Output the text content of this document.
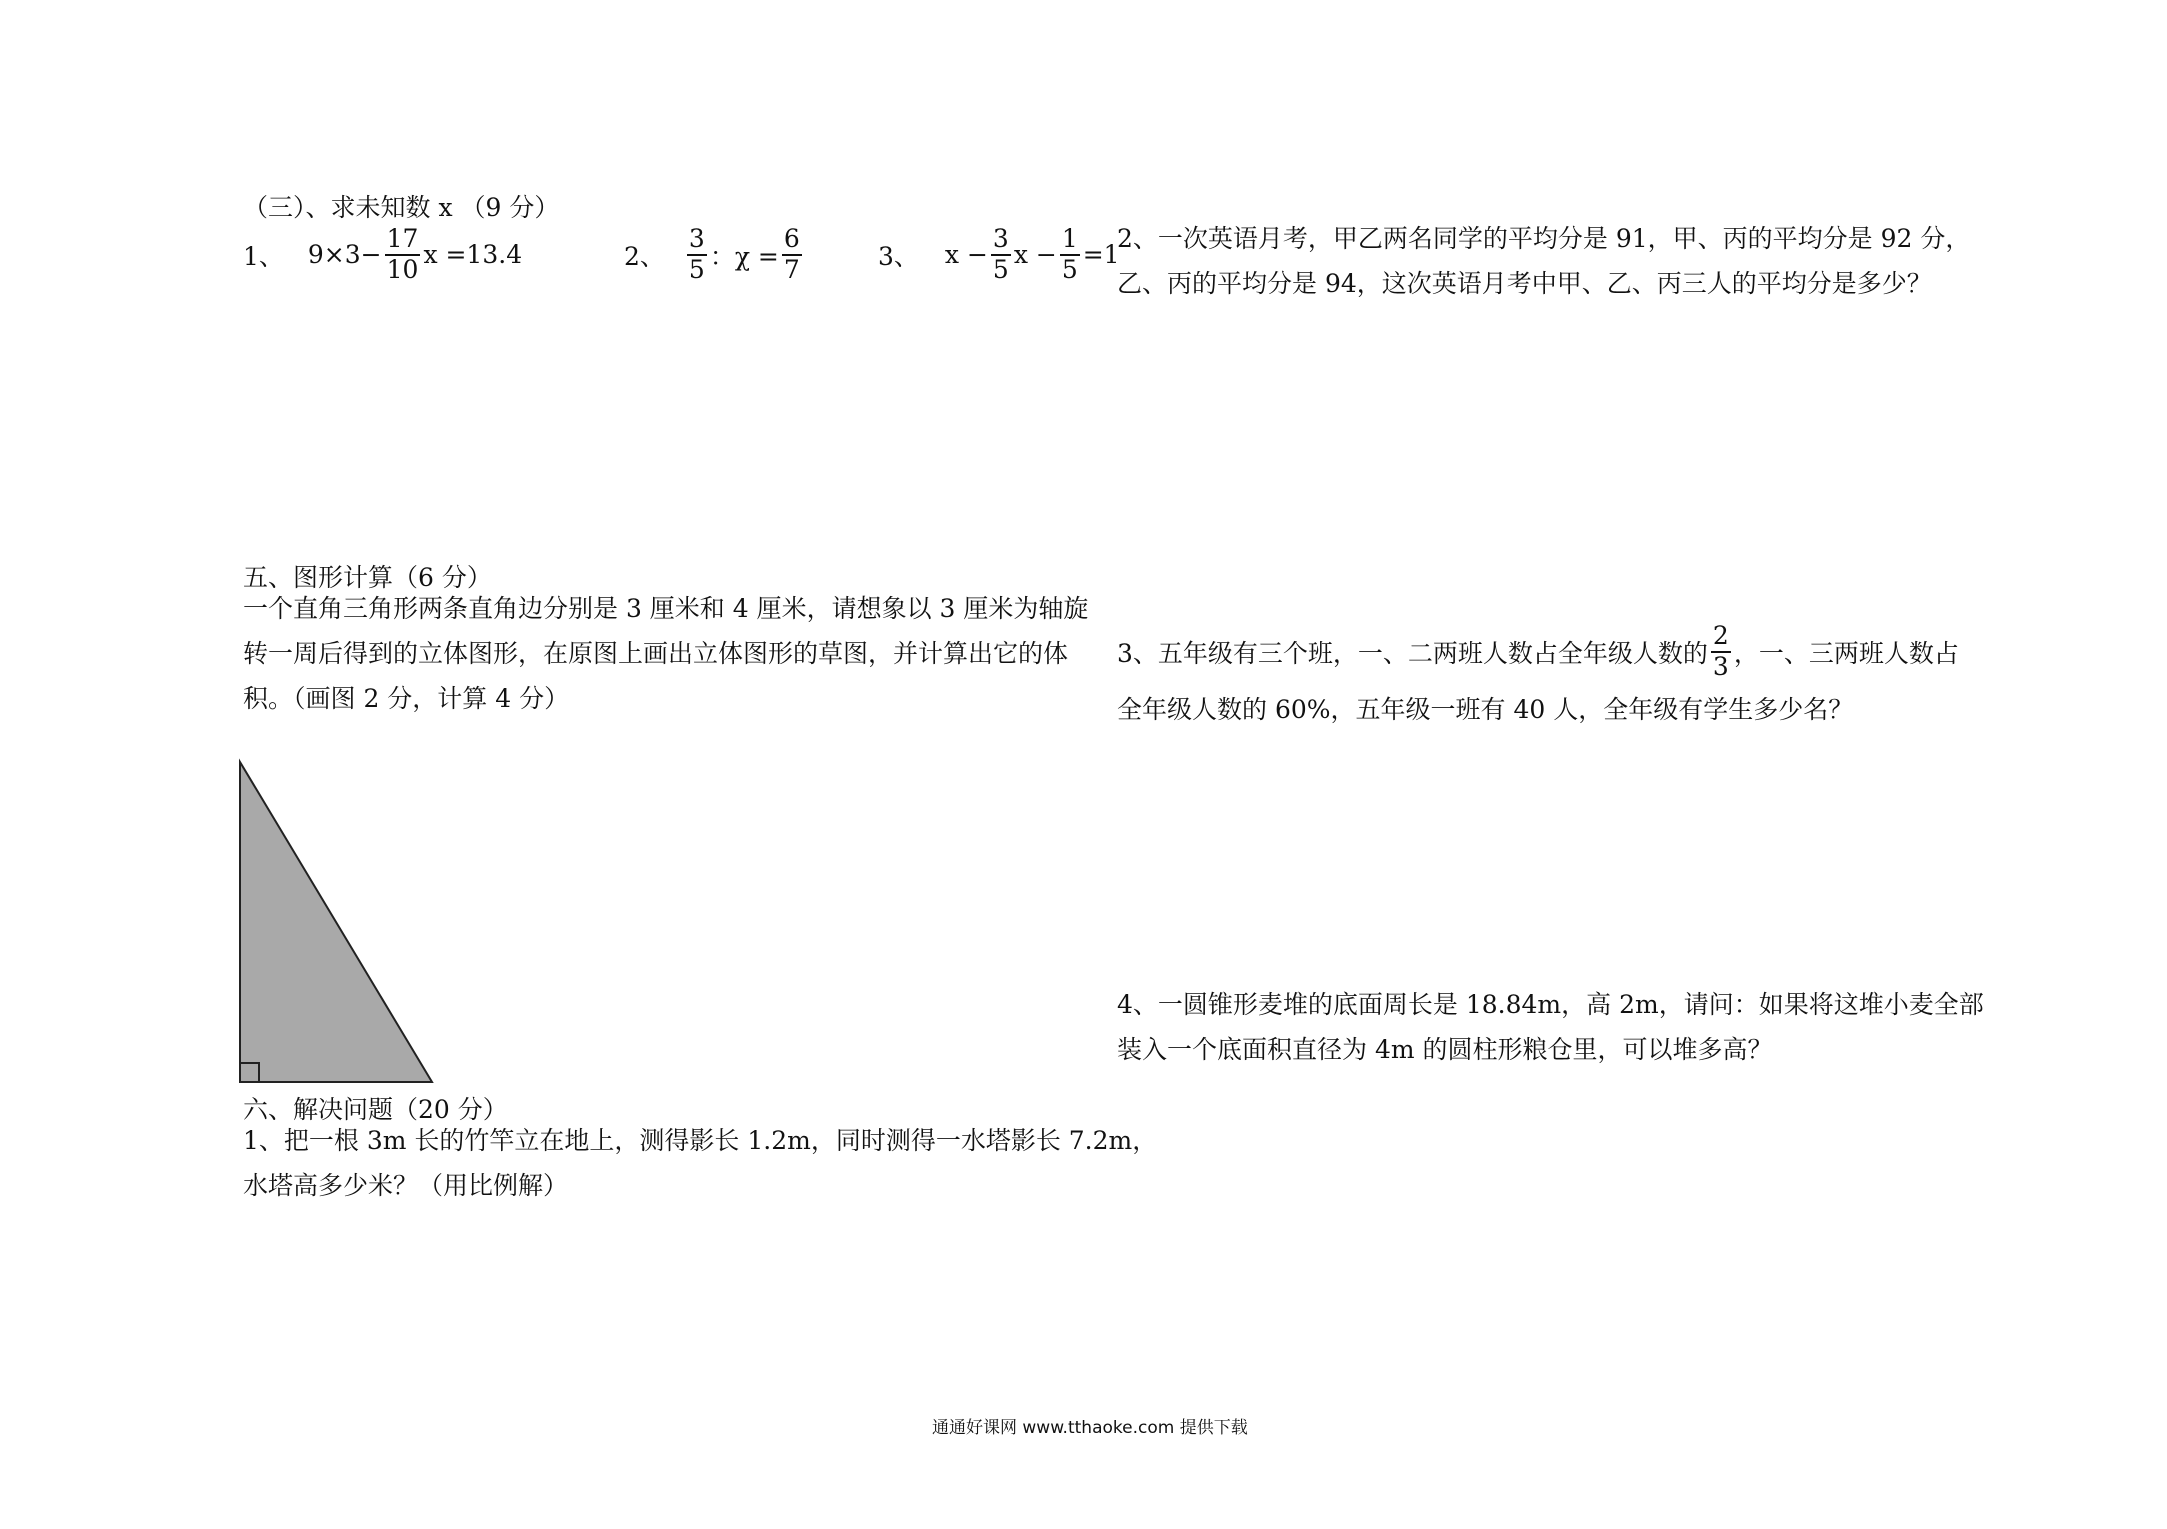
（三）、求未知数 x （9 分）
1、 $9\times 3- \frac{17}{10}$ x =13.4	2、 $\frac{3}{5}$ ：$\chi = \frac{6}{7}$	3、 $x - \frac{3}{5}$ $x - \frac{1}{5} =1$
五、图形计算（6 分）
一个直角三角形两条直角边分别是 3 厘米和 4 厘米，请想象以 3 厘米为轴旋
转一周后得到的立体图形，在原图上画出立体图形的草图，并计算出它的体
积。（画图 2 分，计算 4 分）
六、解决问题（20 分）
1、把一根 3m 长的竹竿立在地上，测得影长 1.2m，同时测得一水塔影长 7.2m，
水塔高多少米？（用比例解）
2、一次英语月考，甲乙两名同学的平均分是 91，甲、丙的平均分是 92 分，
乙、丙的平均分是 94，这次英语月考中甲、乙、丙三人的平均分是多少？
3、五年级有三个班，一、二两班人数占全年级人数的 $\frac{2}{3}$ ，一、三两班人数占
全年级人数的 60%，五年级一班有 40 人，全年级有学生多少名？
4、一圆锥形麦堆的底面周长是 18.84m，高 2m，请问：如果将这堆小麦全部
装入一个底面积直径为 4m 的圆柱形粮仓里，可以堆多高？
通通好课网 www.tthaoke.com 提供下载
